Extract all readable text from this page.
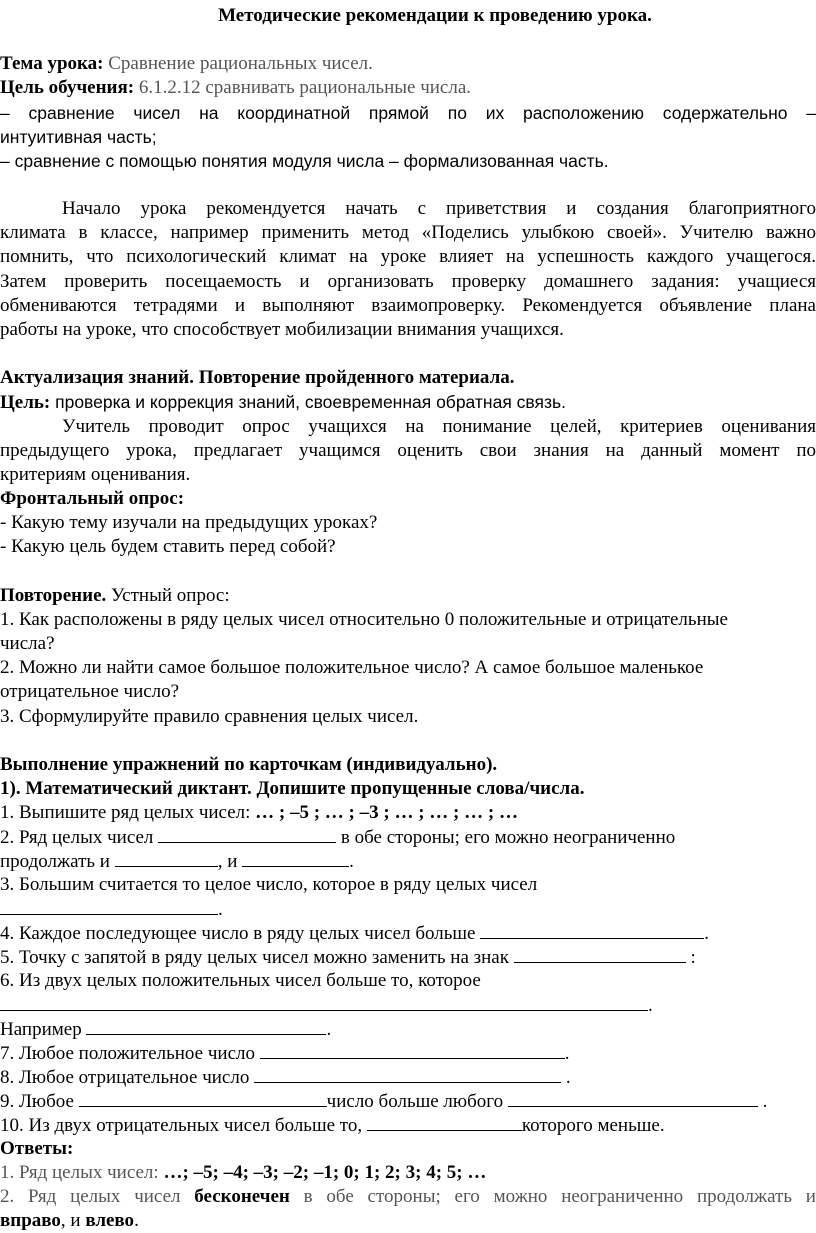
Методические рекомендации к проведению урока.
Тема урока: Сравнение рациональных чисел.
Цель обучения: 6.1.2.12 сравнивать рациональные числа.
– сравнение чисел на координатной прямой по их расположению содержательно –
интуитивная часть;
– сравнение с помощью понятия модуля числа – формализованная часть.
Начало урока рекомендуется начать с приветствия и создания благоприятного
климата в классе, например применить метод «Поделись улыбкою своей». Учителю важно
помнить, что психологический климат на уроке влияет на успешность каждого учащегося.
Затем проверить посещаемость и организовать проверку домашнего задания: учащиеся
обмениваются тетрадями и выполняют взаимопроверку. Рекомендуется объявление плана
работы на уроке, что способствует мобилизации внимания учащихся.
Актуализация знаний. Повторение пройденного материала.
Цель: проверка и коррекция знаний, своевременная обратная связь.
Учитель проводит опрос учащихся на понимание целей, критериев оценивания
предыдущего урока, предлагает учащимся оценить свои знания на данный момент по
критериям оценивания.
Фронтальный опрос:
- Какую тему изучали на предыдущих уроках?
- Какую цель будем ставить перед собой?
Повторение. Устный опрос:
1. Как расположены в ряду целых чисел относительно 0 положительные и отрицательные
числа?
2. Можно ли найти самое большое положительное число? А самое большое маленькое
отрицательное число?
3. Сформулируйте правило сравнения целых чисел.
Выполнение упражнений по карточкам (индивидуально).
1). Математический диктант. Допишите пропущенные слова/числа.
1. Выпишите ряд целых чисел: … ; –5 ; … ; –3 ; … ; … ; … ; …
2. Ряд целых чисел	в обе стороны; его можно неограниченно
продолжать и	, и	.
3. Большим считается то целое число, которое в ряду целых чисел
.
4. Каждое последующее число в ряду целых чисел больше	.
5. Точку с запятой в ряду целых чисел можно заменить на знак	:
6. Из двух целых положительных чисел больше то, которое
.
Например	.
7. Любое положительное число	.
8. Любое отрицательное число	.
9. Любое	число больше любого	.
10. Из двух отрицательных чисел больше то,	которого меньше.
Ответы:
1. Ряд целых чисел: …; –5; –4; –3; –2; –1; 0; 1; 2; 3; 4; 5; …
2. Ряд целых чисел бесконечен в обе стороны; его можно неограниченно продолжать и
вправо, и влево.
